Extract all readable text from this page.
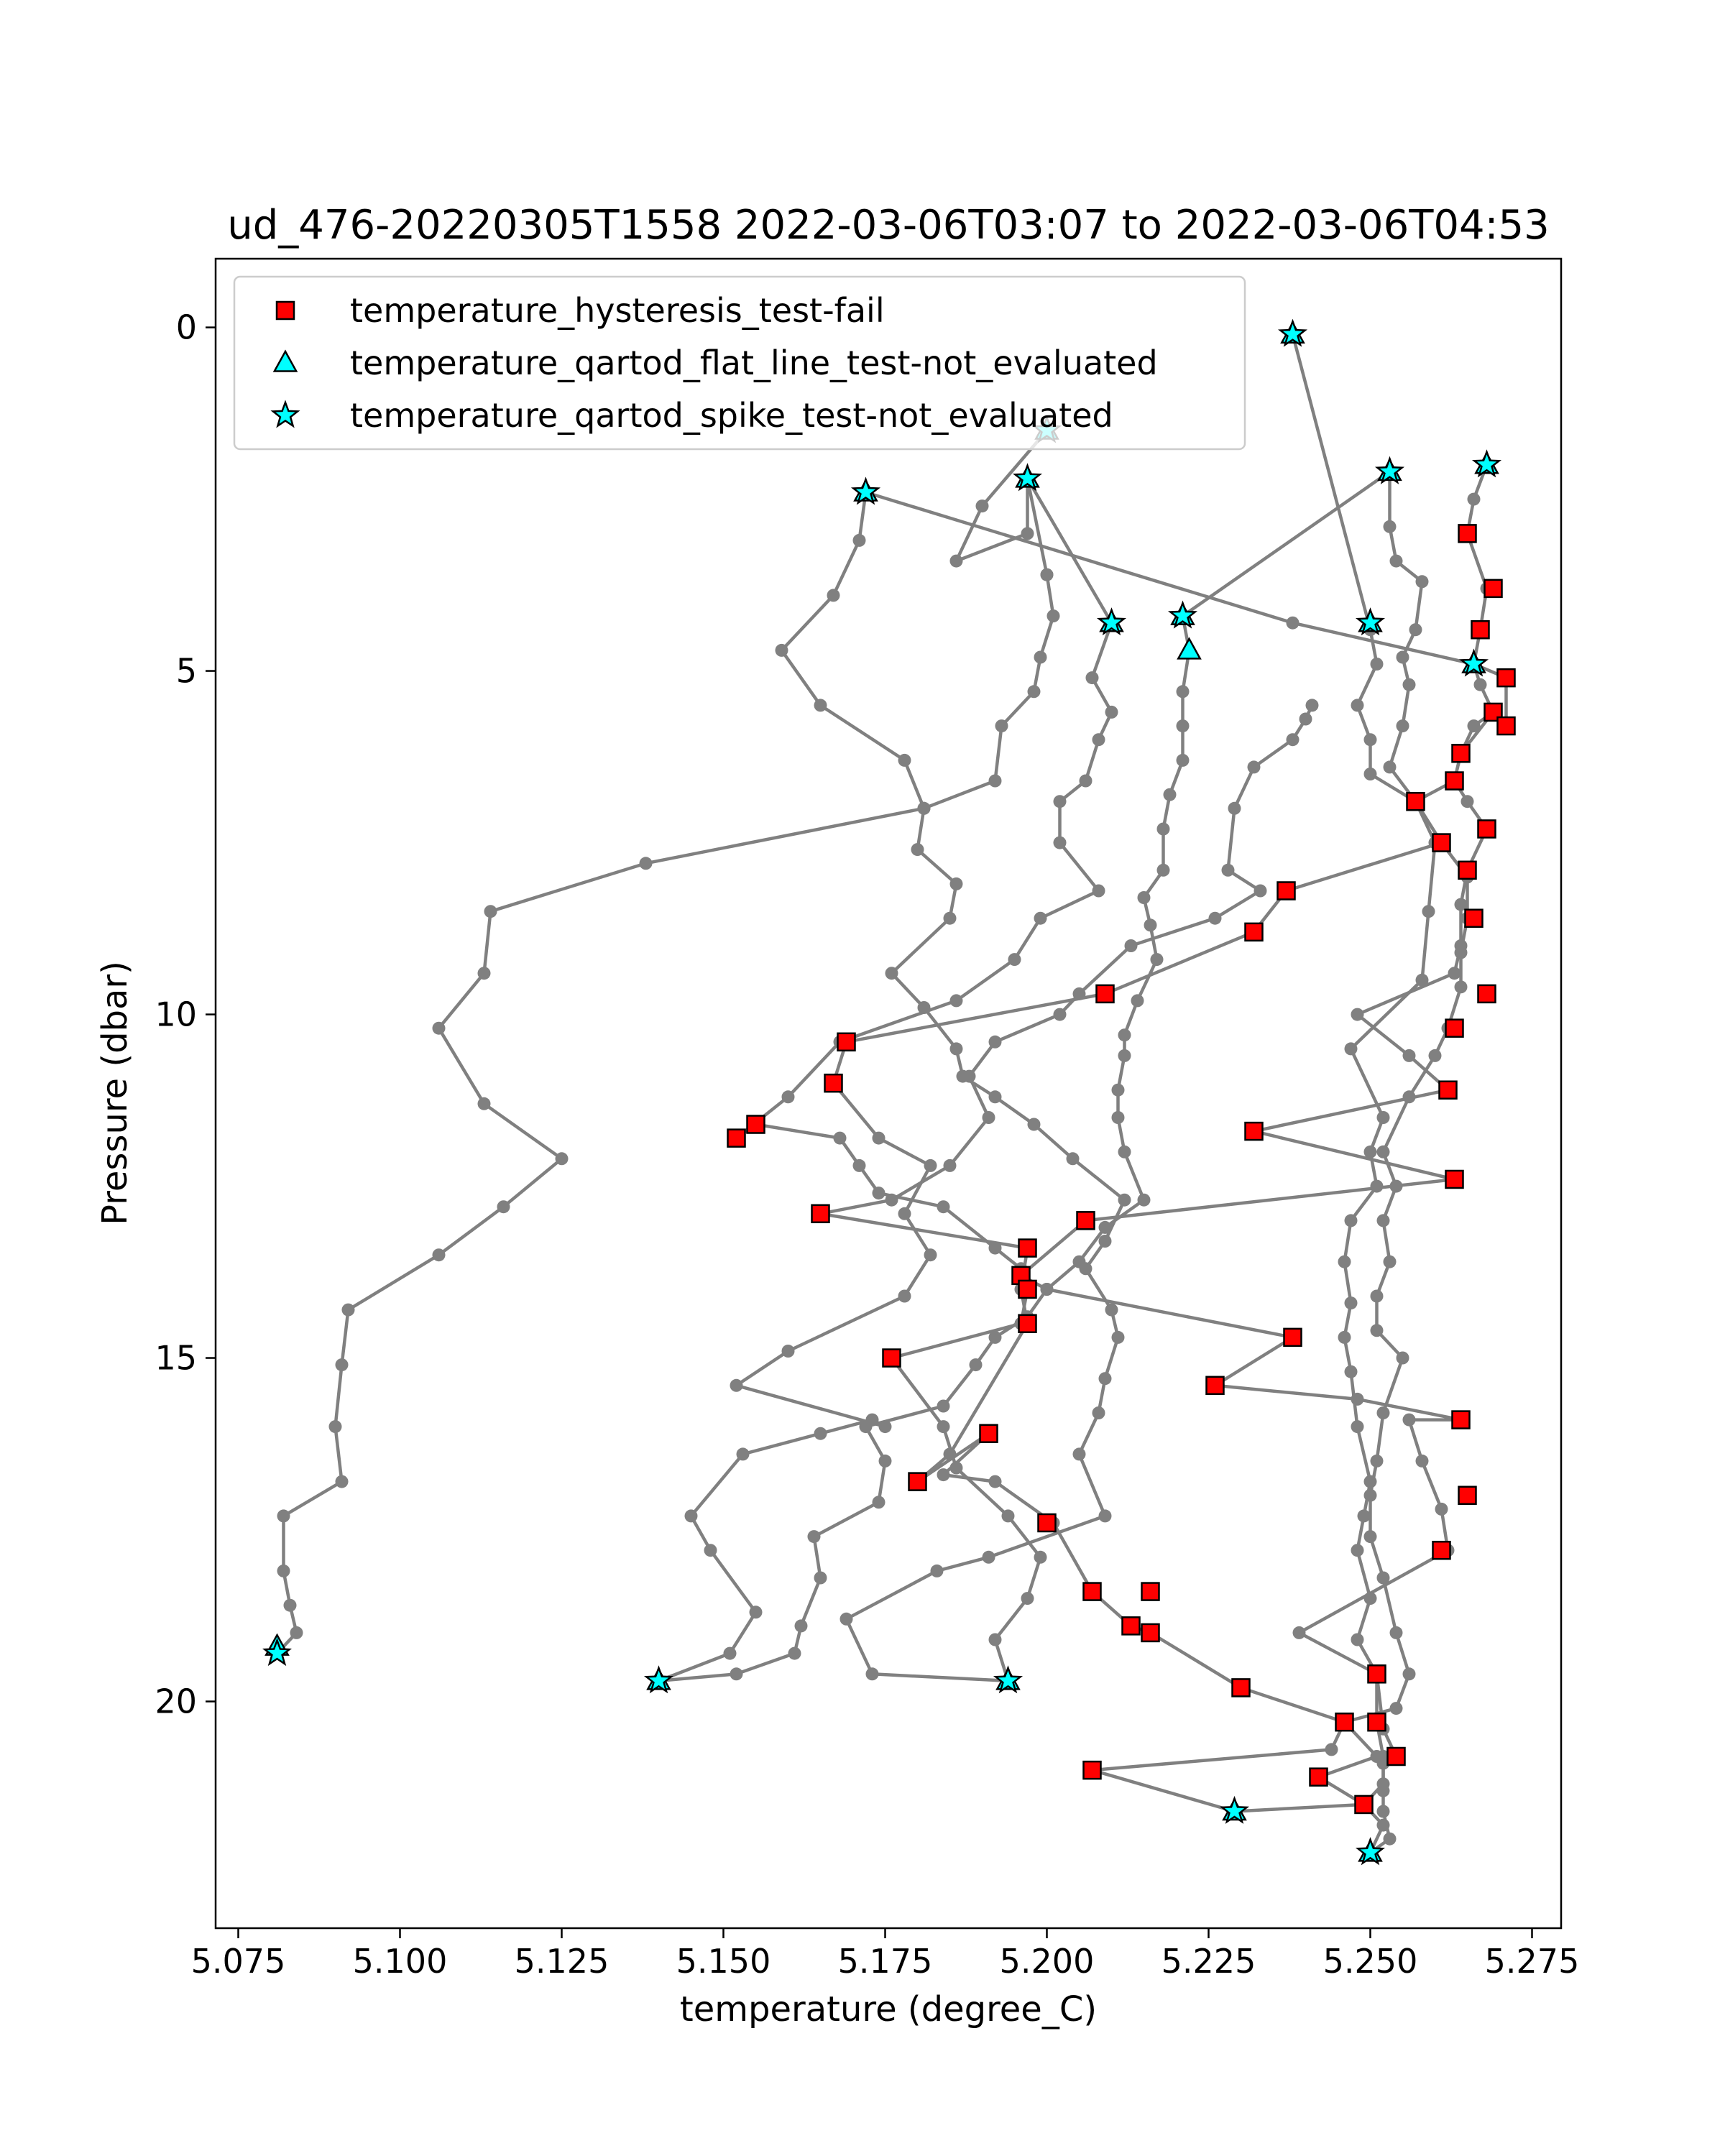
ud_476-20220305T1558 2022-03-06T03:07 to 2022-03-06T04:53
5.075 5.100 5.125 5.150 5.175 5.200 5.225 5.250 5.275
0
5
10
15
20
temperature (degree_C)
Pressure (dbar)
temperature_hysteresis_test-fail
temperature_qartod_flat_line_test-not_evaluated
temperature_qartod_spike_test-not_evaluated
